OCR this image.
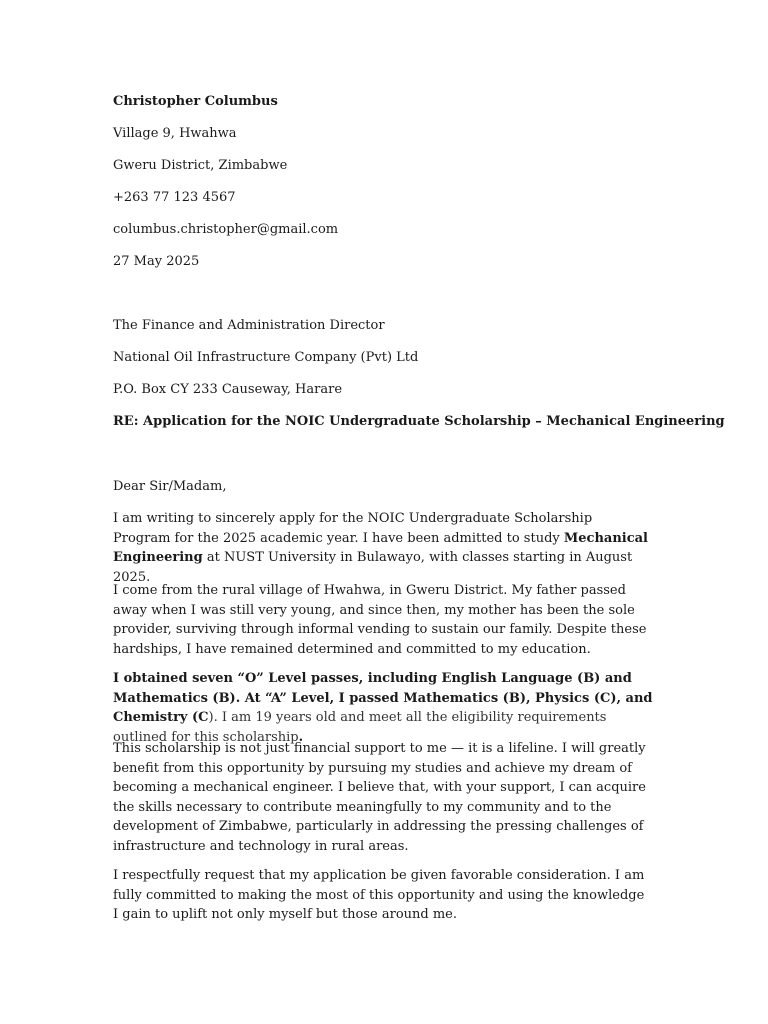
Christopher Columbus
Village 9, Hwahwa
Gweru District, Zimbabwe
+263 77 123 4567
columbus.christopher@gmail.com
27 May 2025
The Finance and Administration Director
National Oil Infrastructure Company (Pvt) Ltd
P.O. Box CY 233 Causeway, Harare
RE: Application for the NOIC Undergraduate Scholarship – Mechanical Engineering
Dear Sir/Madam,

I am writing to sincerely apply for the NOIC Undergraduate Scholarship Program for the 2025 academic year. I have been admitted to study Mechanical Engineering at NUST University in Bulawayo, with classes starting in August 2025.

I come from the rural village of Hwahwa, in Gweru District. My father passed away when I was still very young, and since then, my mother has been the sole provider, surviving through informal vending to sustain our family. Despite these hardships, I have remained determined and committed to my education.

I obtained seven “O” Level passes, including English Language (B) and Mathematics (B). At “A” Level, I passed Mathematics (B), Physics (C), and Chemistry (C). I am 19 years old and meet all the eligibility requirements outlined for this scholarship.

This scholarship is not just financial support to me — it is a lifeline. I will greatly benefit from this opportunity by pursuing my studies and achieve my dream of becoming a mechanical engineer. I believe that, with your support, I can acquire the skills necessary to contribute meaningfully to my community and to the development of Zimbabwe, particularly in addressing the pressing challenges of infrastructure and technology in rural areas.

I respectfully request that my application be given favorable consideration. I am fully committed to making the most of this opportunity and using the knowledge I gain to uplift not only myself but those around me.
